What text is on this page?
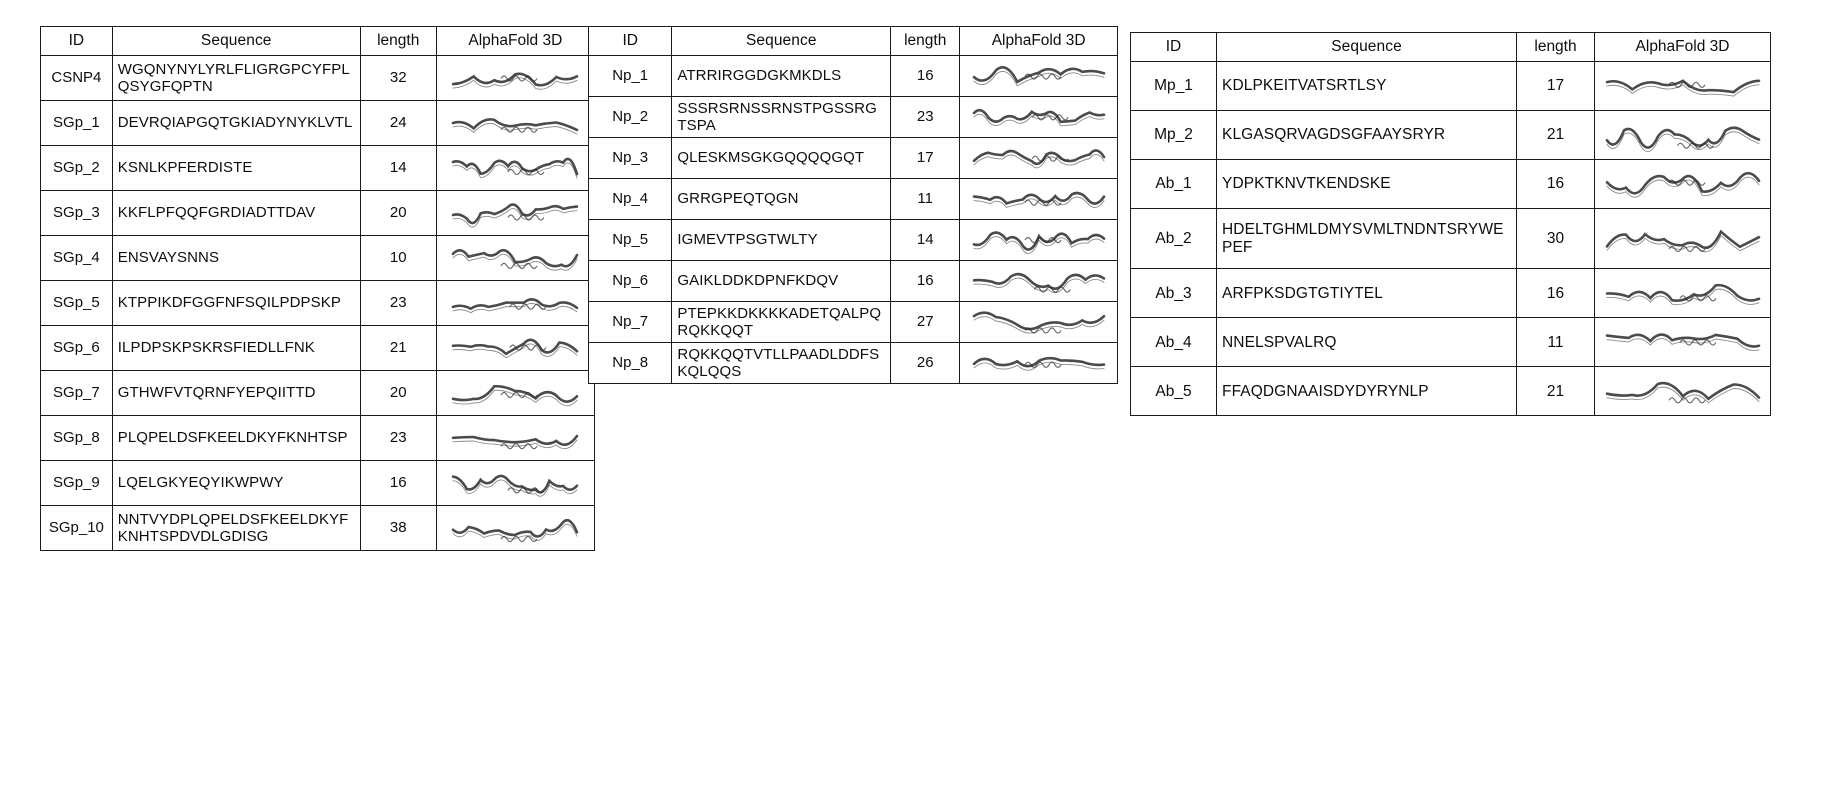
ID	Sequence	length	AlphaFold 3D
CSNP4	WGQNYNYLYRLFLIGRGPCYFPLQSYGFQPTN	32	

SGp_1	DEVRQIAPGQTGKIADYNYKLVTL	24	

SGp_2	KSNLKPFERDISTE	14	

SGp_3	KKFLPFQQFGRDIADTTDAV	20	

SGp_4	ENSVAYSNNS	10	

SGp_5	KTPPIKDFGGFNFSQILPDPSKP	23	

SGp_6	ILPDPSKPSKRSFIEDLLFNK	21	

SGp_7	GTHWFVTQRNFYEPQIITTD	20	

SGp_8	PLQPELDSFKEELDKYFKNHTSP	23	

SGp_9	LQELGKYEQYIKWPWY	16	

SGp_10	NNTVYDPLQPELDSFKEELDKYFKNHTSPDVDLGDISG	38	
ID	Sequence	length	AlphaFold 3D
Np_1	ATRRIRGGDGKMKDLS	16	

Np_2	SSSRSRNSSRNSTPGSSRGTSPA	23	

Np_3	QLESKMSGKGQQQQGQT	17	

Np_4	GRRGPEQTQGN	11	

Np_5	IGMEVTPSGTWLTY	14	

Np_6	GAIKLDDKDPNFKDQV	16	

Np_7	PTEPKKDKKKKADETQALPQRQKKQQT	27	

Np_8	RQKKQQTVTLLPAADLDDFSKQLQQS	26	
ID	Sequence	length	AlphaFold 3D
Mp_1	KDLPKEITVATSRTLSY	17	

Mp_2	KLGASQRVAGDSGFAAYSRYR	21	

Ab_1	YDPKTKNVTKENDSKE	16	

Ab_2	HDELTGHMLDMYSVMLTNDNTSRYWEPEF	30	

Ab_3	ARFPKSDGTGTIYTEL	16	

Ab_4	NNELSPVALRQ	11	

Ab_5	FFAQDGNAAISDYDYRYNLP	21	
